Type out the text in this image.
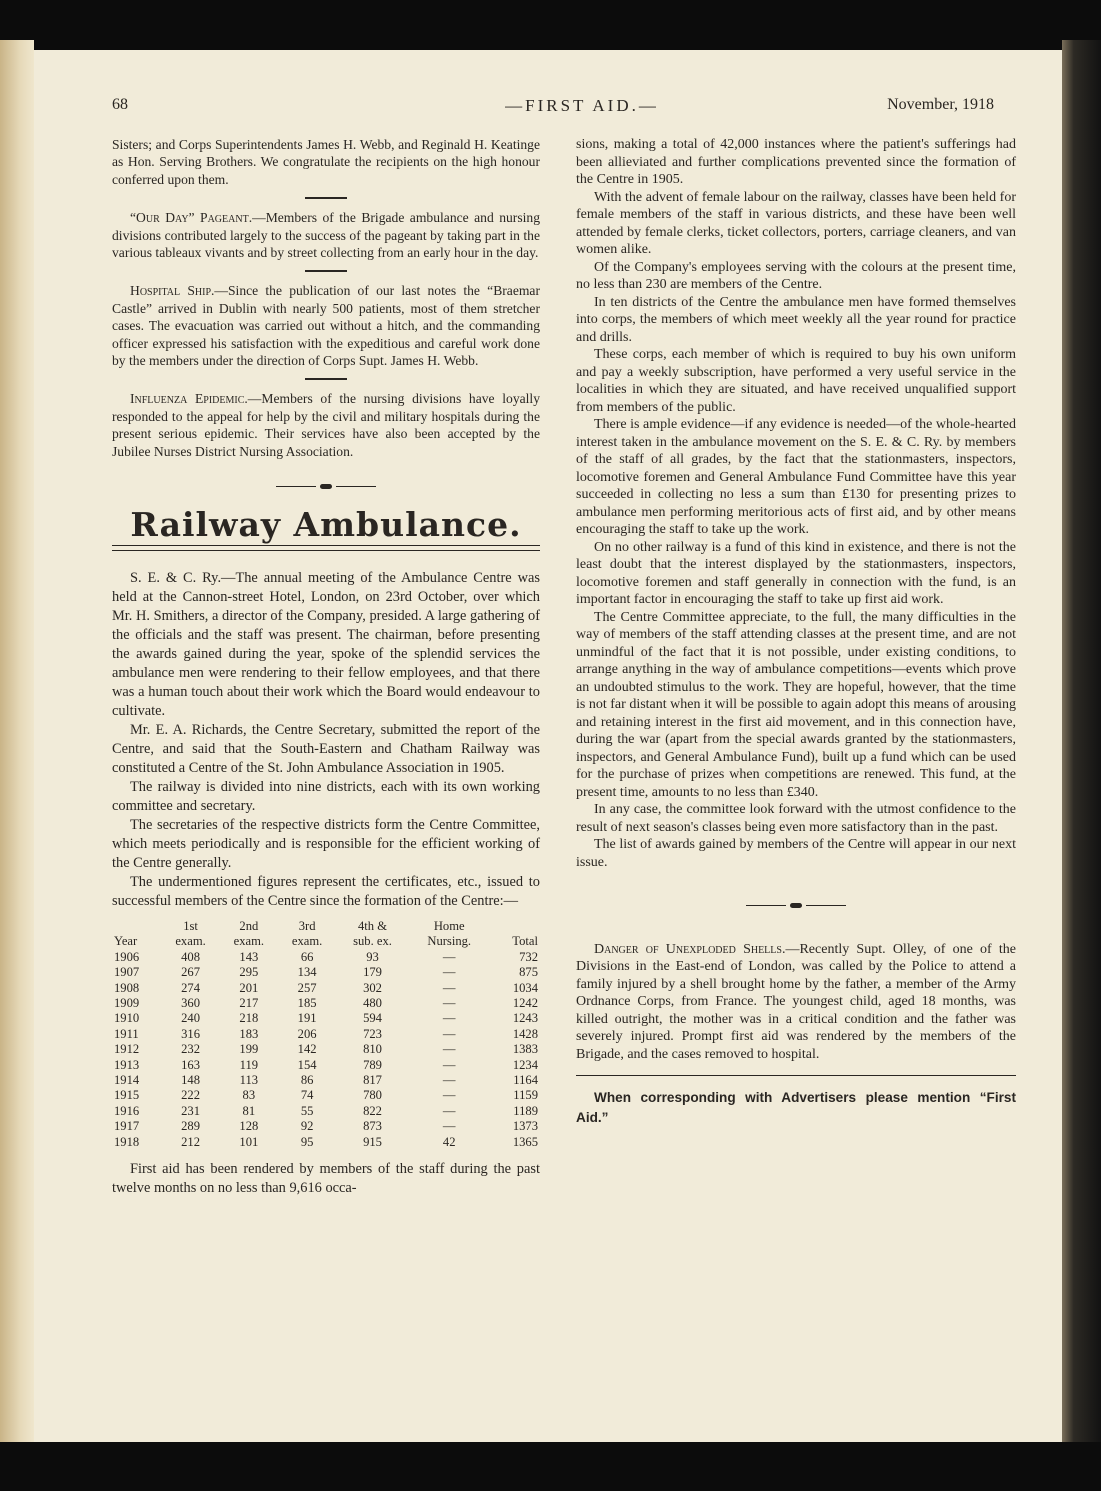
68	—FIRST AID.—	November, 1918

Sisters; and Corps Superintendents James H. Webb, and Reginald H. Keatinge as Hon. Serving Brothers. We congratulate the recipients on the high honour conferred upon them.

“Our Day” Pageant.—Members of the Brigade ambulance and nursing divisions contributed largely to the success of the pageant by taking part in the various tableaux vivants and by street collecting from an early hour in the day.

Hospital Ship.—Since the publication of our last notes the “Braemar Castle” arrived in Dublin with nearly 500 patients, most of them stretcher cases. The evacuation was carried out without a hitch, and the commanding officer expressed his satisfaction with the expeditious and careful work done by the members under the direction of Corps Supt. James H. Webb.

Influenza Epidemic.—Members of the nursing divisions have loyally responded to the appeal for help by the civil and military hospitals during the present serious epidemic. Their services have also been accepted by the Jubilee Nurses District Nursing Association.

Railway Ambulance.

S. E. & C. Ry.—The annual meeting of the Ambulance Centre was held at the Cannon-street Hotel, London, on 23rd October, over which Mr. H. Smithers, a director of the Company, presided. A large gathering of the officials and the staff was present. The chairman, before presenting the awards gained during the year, spoke of the splendid services the ambulance men were rendering to their fellow employees, and that there was a human touch about their work which the Board would endeavour to cultivate.

Mr. E. A. Richards, the Centre Secretary, submitted the report of the Centre, and said that the South-Eastern and Chatham Railway was constituted a Centre of the St. John Ambulance Association in 1905.

The railway is divided into nine districts, each with its own working committee and secretary.

The secretaries of the respective districts form the Centre Committee, which meets periodically and is responsible for the efficient working of the Centre generally.

The undermentioned figures represent the certificates, etc., issued to successful members of the Centre since the formation of the Centre:—

	1st	2nd	3rd	4th &	Home	
Year	exam.	exam.	exam.	sub. ex.	Nursing.	Total
1906	408	143	66	93	—	732
1907	267	295	134	179	—	875
1908	274	201	257	302	—	1034
1909	360	217	185	480	—	1242
1910	240	218	191	594	—	1243
1911	316	183	206	723	—	1428
1912	232	199	142	810	—	1383
1913	163	119	154	789	—	1234
1914	148	113	86	817	—	1164
1915	222	83	74	780	—	1159
1916	231	81	55	822	—	1189
1917	289	128	92	873	—	1373
1918	212	101	95	915	42	1365

First aid has been rendered by members of the staff during the past twelve months on no less than 9,616 occa-

sions, making a total of 42,000 instances where the patient's sufferings had been allieviated and further complications prevented since the formation of the Centre in 1905.

With the advent of female labour on the railway, classes have been held for female members of the staff in various districts, and these have been well attended by female clerks, ticket collectors, porters, carriage cleaners, and van women alike.

Of the Company's employees serving with the colours at the present time, no less than 230 are members of the Centre.

In ten districts of the Centre the ambulance men have formed themselves into corps, the members of which meet weekly all the year round for practice and drills.

These corps, each member of which is required to buy his own uniform and pay a weekly subscription, have performed a very useful service in the localities in which they are situated, and have received unqualified support from members of the public.

There is ample evidence—if any evidence is needed—of the whole-hearted interest taken in the ambulance movement on the S. E. & C. Ry. by members of the staff of all grades, by the fact that the stationmasters, inspectors, locomotive foremen and General Ambulance Fund Committee have this year succeeded in collecting no less a sum than £130 for presenting prizes to ambulance men performing meritorious acts of first aid, and by other means encouraging the staff to take up the work.

On no other railway is a fund of this kind in existence, and there is not the least doubt that the interest displayed by the stationmasters, inspectors, locomotive foremen and staff generally in connection with the fund, is an important factor in encouraging the staff to take up first aid work.

The Centre Committee appreciate, to the full, the many difficulties in the way of members of the staff attending classes at the present time, and are not unmindful of the fact that it is not possible, under existing conditions, to arrange anything in the way of ambulance competitions—events which prove an undoubted stimulus to the work. They are hopeful, however, that the time is not far distant when it will be possible to again adopt this means of arousing and retaining interest in the first aid movement, and in this connection have, during the war (apart from the special awards granted by the stationmasters, inspectors, and General Ambulance Fund), built up a fund which can be used for the purchase of prizes when competitions are renewed. This fund, at the present time, amounts to no less than £340.

In any case, the committee look forward with the utmost confidence to the result of next season's classes being even more satisfactory than in the past.

The list of awards gained by members of the Centre will appear in our next issue.

Danger of Unexploded Shells.—Recently Supt. Olley, of one of the Divisions in the East-end of London, was called by the Police to attend a family injured by a shell brought home by the father, a member of the Army Ordnance Corps, from France. The youngest child, aged 18 months, was killed outright, the mother was in a critical condition and the father was severely injured. Prompt first aid was rendered by the members of the Brigade, and the cases removed to hospital.

When corresponding with Advertisers please mention “First Aid.”
